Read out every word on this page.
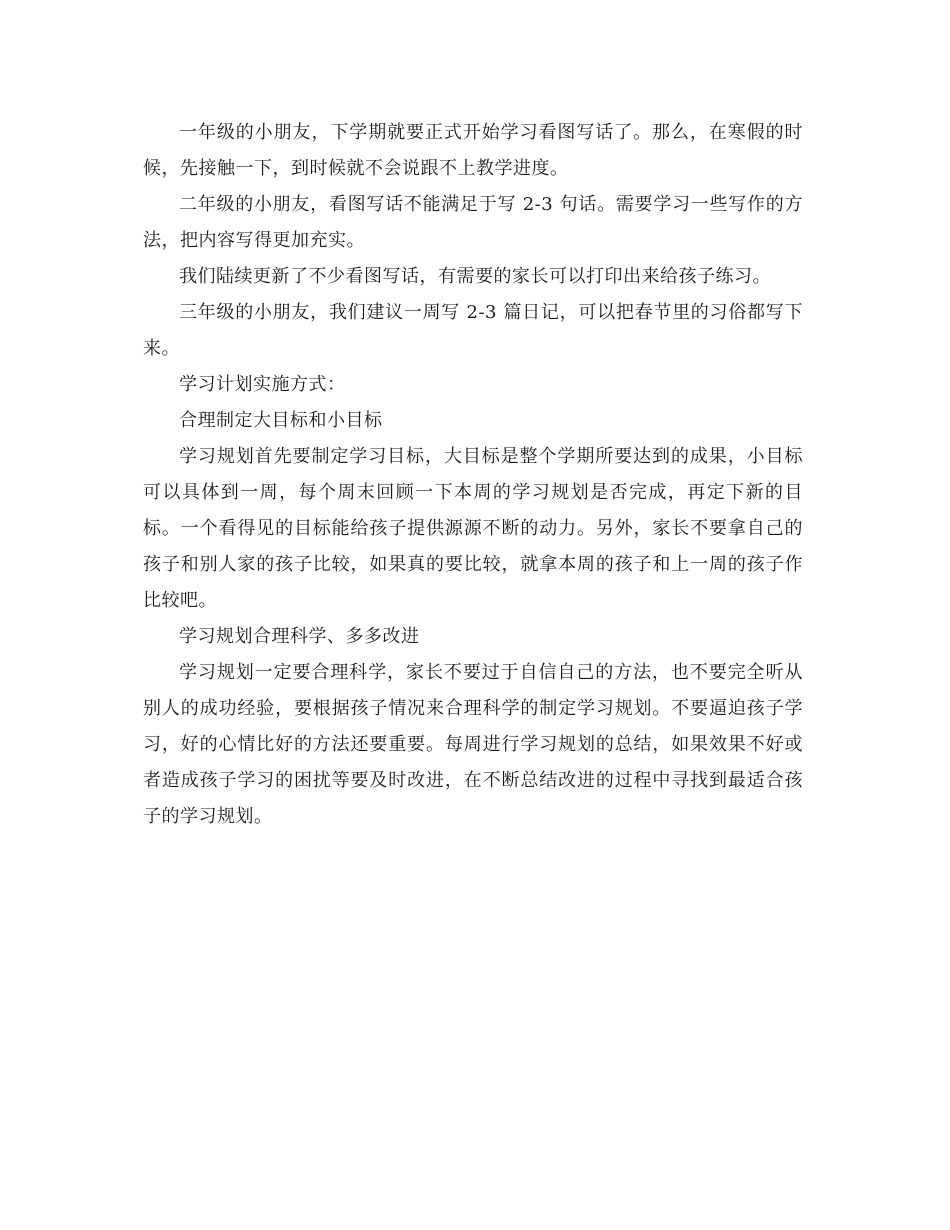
一年级的小朋友，下学期就要正式开始学习看图写话了。那么，在寒假的时候，先接触一下，到时候就不会说跟不上教学进度。

二年级的小朋友，看图写话不能满足于写 2-3 句话。需要学习一些写作的方法，把内容写得更加充实。

我们陆续更新了不少看图写话，有需要的家长可以打印出来给孩子练习。

三年级的小朋友，我们建议一周写 2-3 篇日记，可以把春节里的习俗都写下来。

学习计划实施方式：

合理制定大目标和小目标

学习规划首先要制定学习目标，大目标是整个学期所要达到的成果，小目标可以具体到一周，每个周末回顾一下本周的学习规划是否完成，再定下新的目标。一个看得见的目标能给孩子提供源源不断的动力。另外，家长不要拿自己的孩子和别人家的孩子比较，如果真的要比较，就拿本周的孩子和上一周的孩子作比较吧。

学习规划合理科学、多多改进

学习规划一定要合理科学，家长不要过于自信自己的方法，也不要完全听从别人的成功经验，要根据孩子情况来合理科学的制定学习规划。不要逼迫孩子学习，好的心情比好的方法还要重要。每周进行学习规划的总结，如果效果不好或者造成孩子学习的困扰等要及时改进，在不断总结改进的过程中寻找到最适合孩子的学习规划。
